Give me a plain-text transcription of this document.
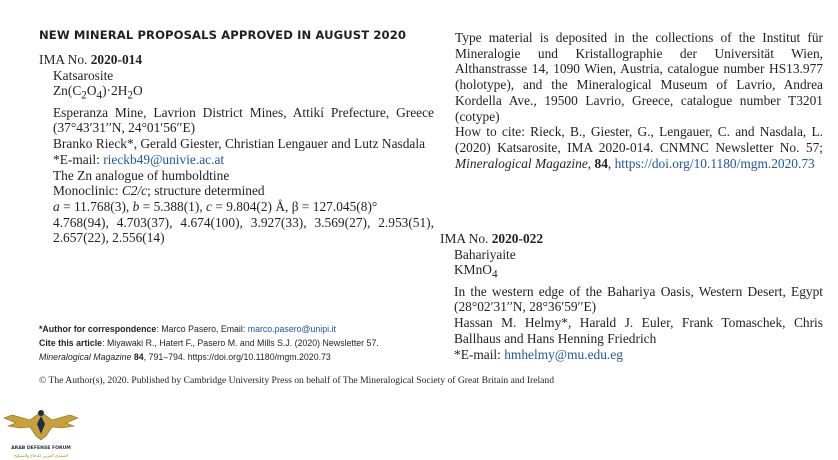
NEW MINERAL PROPOSALS APPROVED IN AUGUST 2020
IMA No. 2020-014
Katsarosite
$Zn(C_2O_4)\cdot 2H_2O$
Esperanza Mine, Lavrion District Mines, Attikí Prefecture, Greece (37°43′31′′N, 24°01′56′′E)
Branko Rieck*, Gerald Giester, Christian Lengauer and Lutz Nasdala
*E-mail: rieckb49@univie.ac.at
The Zn analogue of humboldtine
Monoclinic: C2/c; structure determined
a = 11.768(3), b = 5.388(1), c = 9.804(2) Å, β = 127.045(8)°
4.768(94), 4.703(37), 4.674(100), 3.927(33), 3.569(27), 2.953(51), 2.657(22), 2.556(14)
Type material is deposited in the collections of the Institut für Mineralogie und Kristallographie der Universität Wien, Althanstrasse 14, 1090 Wien, Austria, catalogue number HS13.977 (holotype), and the Mineralogical Museum of Lavrio, Andrea Kordella Ave., 19500 Lavrio, Greece, catalogue number T3201 (cotype)
How to cite: Rieck, B., Giester, G., Lengauer, C. and Nasdala, L. (2020) Katsarosite, IMA 2020-014. CNMNC Newsletter No. 57; Mineralogical Magazine, 84, https://doi.org/10.1180/mgm.2020.73
IMA No. 2020-022
Bahariyaite
KMnO$_4$
In the western edge of the Bahariya Oasis, Western Desert, Egypt (28°02′31′′N, 28°36′59′′E)
Hassan M. Helmy*, Harald J. Euler, Frank Tomaschek, Chris Ballhaus and Hans Henning Friedrich
*E-mail: hmhelmy@mu.edu.eg
*Author for correspondence: Marco Pasero, Email: marco.pasero@unipi.it
Cite this article: Miyawaki R., Hatert F., Pasero M. and Mills S.J. (2020) Newsletter 57.
Mineralogical Magazine 84, 791–794. https://doi.org/10.1180/mgm.2020.73
© The Author(s), 2020. Published by Cambridge University Press on behalf of The Mineralogical Society of Great Britain and Ireland
ARAB DEFENSE FORUM
المنتدى العربي للدفاع والتسليح
